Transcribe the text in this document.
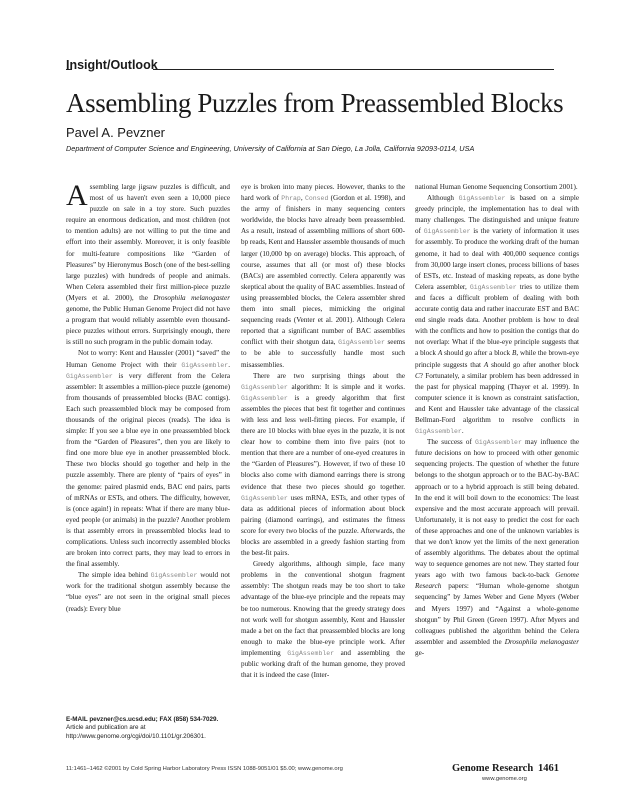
Insight/Outlook
Assembling Puzzles from Preassembled Blocks
Pavel A. Pevzner
Department of Computer Science and Engineering, University of California at San Diego, La Jolla, California 92093-0114, USA
A ssembling large jigsaw puzzles is difficult, and most of us haven't even seen a 10,000 piece puzzle on sale in a toy store. Such puzzles require an enormous dedication, and most children (not to mention adults) are not willing to put the time and effort into their assembly. Moreover, it is only feasible for multi-feature compositions like “Garden of Pleasures” by Hieronymus Bosch (one of the best-selling large puzzles) with hundreds of people and animals. When Celera assembled their first million-piece puzzle (Myers et al. 2000), the Drosophila melanogaster genome, the Public Human Genome Project did not have a program that would reliably assemble even thousand-piece puzzles without errors. Surprisingly enough, there is still no such program in the public domain today.

Not to worry: Kent and Haussler (2001) “saved” the Human Genome Project with their GigAssembler. GigAssembler is very different from the Celera assembler: It assembles a million-piece puzzle (genome) from thousands of preassembled blocks (BAC contigs). Each such preassembled block may be composed from thousands of the original pieces (reads). The idea is simple: If you see a blue eye in one preassembled block from the “Garden of Pleasures”, then you are likely to find one more blue eye in another preassembled block. These two blocks should go together and help in the puzzle assembly. There are plenty of “pairs of eyes” in the genome: paired plasmid ends, BAC end pairs, parts of mRNAs or ESTs, and others. The difficulty, however, is (once again!) in repeats: What if there are many blue-eyed people (or animals) in the puzzle? Another problem is that assembly errors in preassembled blocks lead to complications. Unless such incorrectly assembled blocks are broken into correct parts, they may lead to errors in the final assembly.

The simple idea behind GigAssembler would not work for the traditional shotgun assembly because the “blue eyes” are not seen in the original small pieces (reads): Every blue

eye is broken into many pieces. However, thanks to the hard work of Phrap, Consed (Gordon et al. 1998), and the army of finishers in many sequencing centers worldwide, the blocks have already been preassembled. As a result, instead of assembling millions of short 600-bp reads, Kent and Haussler assemble thousands of much larger (10,000 bp on average) blocks. This approach, of course, assumes that all (or most of) these blocks (BACs) are assembled correctly. Celera apparently was skeptical about the quality of BAC assemblies. Instead of using preassembled blocks, the Celera assembler shred them into small pieces, mimicking the original sequencing reads (Venter et al. 2001). Although Celera reported that a significant number of BAC assemblies conflict with their shotgun data, GigAssembler seems to be able to successfully handle most such misassemblies.

There are two surprising things about the GigAssembler algorithm: It is simple and it works. GigAssembler is a greedy algorithm that first assembles the pieces that best fit together and continues with less and less well-fitting pieces. For example, if there are 10 blocks with blue eyes in the puzzle, it is not clear how to combine them into five pairs (not to mention that there are a number of one-eyed creatures in the “Garden of Pleasures”). However, if two of these 10 blocks also come with diamond earrings there is strong evidence that these two pieces should go together. GigAssembler uses mRNA, ESTs, and other types of data as additional pieces of information about block pairing (diamond earrings), and estimates the fitness score for every two blocks of the puzzle. Afterwards, the blocks are assembled in a greedy fashion starting from the best-fit pairs.

Greedy algorithms, although simple, face many problems in the conventional shotgun fragment assembly: The shotgun reads may be too short to take advantage of the blue-eye principle and the repeats may be too numerous. Knowing that the greedy strategy does not work well for shotgun assembly, Kent and Haussler made a bet on the fact that preassembled blocks are long enough to make the blue-eye principle work. After implementing GigAssembler and assembling the public working draft of the human genome, they proved that it is indeed the case (Inter-

national Human Genome Sequencing Consortium 2001).

Although GigAssembler is based on a simple greedy principle, the implementation has to deal with many challenges. The distinguished and unique feature of GigAssembler is the variety of information it uses for assembly. To produce the working draft of the human genome, it had to deal with 400,000 sequence contigs from 30,000 large insert clones, process billions of bases of ESTs, etc. Instead of masking repeats, as done bythe Celera assembler, GigAssembler tries to utilize them and faces a difficult problem of dealing with both accurate contig data and rather inaccurate EST and BAC end single reads data. Another problem is how to deal with the conflicts and how to position the contigs that do not overlap: What if the blue-eye principle suggests that a block A should go after a block B, while the brown-eye principle suggests that A should go after another block C? Fortunately, a similar problem has been addressed in the past for physical mapping (Thayer et al. 1999). In computer science it is known as constraint satisfaction, and Kent and Haussler take advantage of the classical Bellman-Ford algorithm to resolve conflicts in GigAssembler.

The success of GigAssembler may influence the future decisions on how to proceed with other genomic sequencing projects. The question of whether the future belongs to the shotgun approach or to the BAC-by-BAC approach or to a hybrid approach is still being debated. In the end it will boil down to the economics: The least expensive and the most accurate approach will prevail. Unfortunately, it is not easy to predict the cost for each of these approaches and one of the unknown variables is that we don't know yet the limits of the next generation of assembly algorithms. The debates about the optimal way to sequence genomes are not new. They started four years ago with two famous back-to-back Genome Research papers: “Human whole-genome shotgun sequencing” by James Weber and Gene Myers (Weber and Myers 1997) and “Against a whole-genome shotgun” by Phil Green (Green 1997). After Myers and colleagues published the algorithm behind the Celera assembler and assembled the Drosophila melanogaster ge-

E-MAIL pevzner@cs.ucsd.edu; FAX (858) 534-7029.
Article and publication are at http://www.genome.org/cgi/doi/10.1101/gr.206301.
11:1461–1462 ©2001 by Cold Spring Harbor Laboratory Press ISSN 1088-9051/01 $5.00; www.genome.org	Genome Research 1461
www.genome.org
